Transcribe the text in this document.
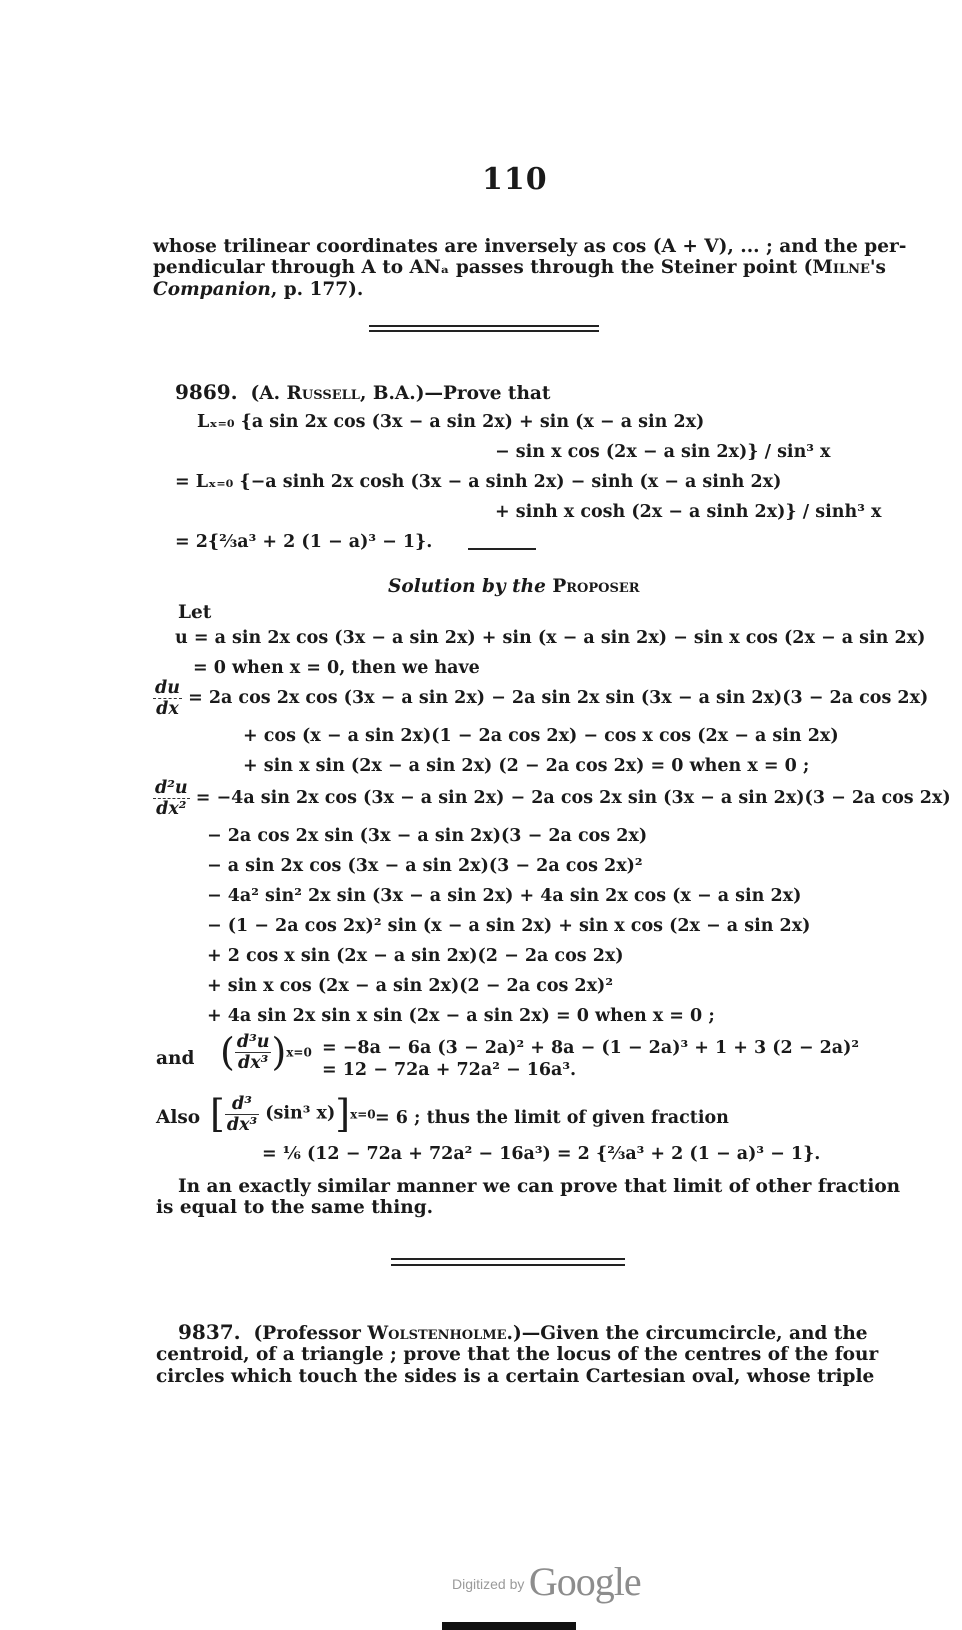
110
whose trilinear coordinates are inversely as cos (A + V), ... ; and the per-
pendicular through A to ANₐ passes through the Steiner point (Milne's
Companion, p. 177).
9869. (A. Russell, B.A.)—Prove that
Lₓ₌₀ {a sin 2x cos (3x − a sin 2x) + sin (x − a sin 2x)
− sin x cos (2x − a sin 2x)} / sin³ x
= Lₓ₌₀ {−a sinh 2x cosh (3x − a sinh 2x) − sinh (x − a sinh 2x)
+ sinh x cosh (2x − a sinh 2x)} / sinh³ x
= 2{⅔a³ + 2 (1 − a)³ − 1}.
Solution by the Proposer
Let
u = a sin 2x cos (3x − a sin 2x) + sin (x − a sin 2x) − sin x cos (2x − a sin 2x)
= 0 when x = 0, then we have
$\frac{du}{dx} = 2a$ cos 2x cos (3x − a sin 2x) − 2a sin 2x sin (3x − a sin 2x)(3 − 2a cos 2x)
+ cos (x − a sin 2x)(1 − 2a cos 2x) − cos x cos (2x − a sin 2x)
+ sin x sin (2x − a sin 2x) (2 − 2a cos 2x) = 0 when x = 0 ;
$\frac{\text{d²u}}{\text{dx²}} = -4a$ sin 2x cos (3x − a sin 2x) − 2a cos 2x sin (3x − a sin 2x)(3 − 2a cos 2x)
− 2a cos 2x sin (3x − a sin 2x)(3 − 2a cos 2x)
− a sin 2x cos (3x − a sin 2x)(3 − 2a cos 2x)²
− 4a² sin² 2x sin (3x − a sin 2x) + 4a sin 2x cos (x − a sin 2x)
− (1 − 2a cos 2x)² sin (x − a sin 2x) + sin x cos (2x − a sin 2x)
+ 2 cos x sin (2x − a sin 2x)(2 − 2a cos 2x)
+ sin x cos (2x − a sin 2x)(2 − 2a cos 2x)²
+ 4a sin 2x sin x sin (2x − a sin 2x) = 0 when x = 0 ;
and ( $\frac{\text{d³u}}{\text{dx³}} )x=0 = -8a - 6a$ (3 − 2a)² + 8a − (1 − 2a)³ + 1 + 3 (2 − 2a)²
= 12 − 72a + 72a² − 16a³.
Also [ $\frac{\text{d³}}{\text{dx³}} (\sin^3$ x)]x=0 = 6 ; thus the limit of given fraction
= ⅙ (12 − 72a + 72a² − 16a³) = 2 {⅔a³ + 2 (1 − a)³ − 1}.
In an exactly similar manner we can prove that limit of other fraction
is equal to the same thing.
9837. (Professor Wolstenholme.)—Given the circumcircle, and the
centroid, of a triangle ; prove that the locus of the centres of the four
circles which touch the sides is a certain Cartesian oval, whose triple
Digitized by Google
